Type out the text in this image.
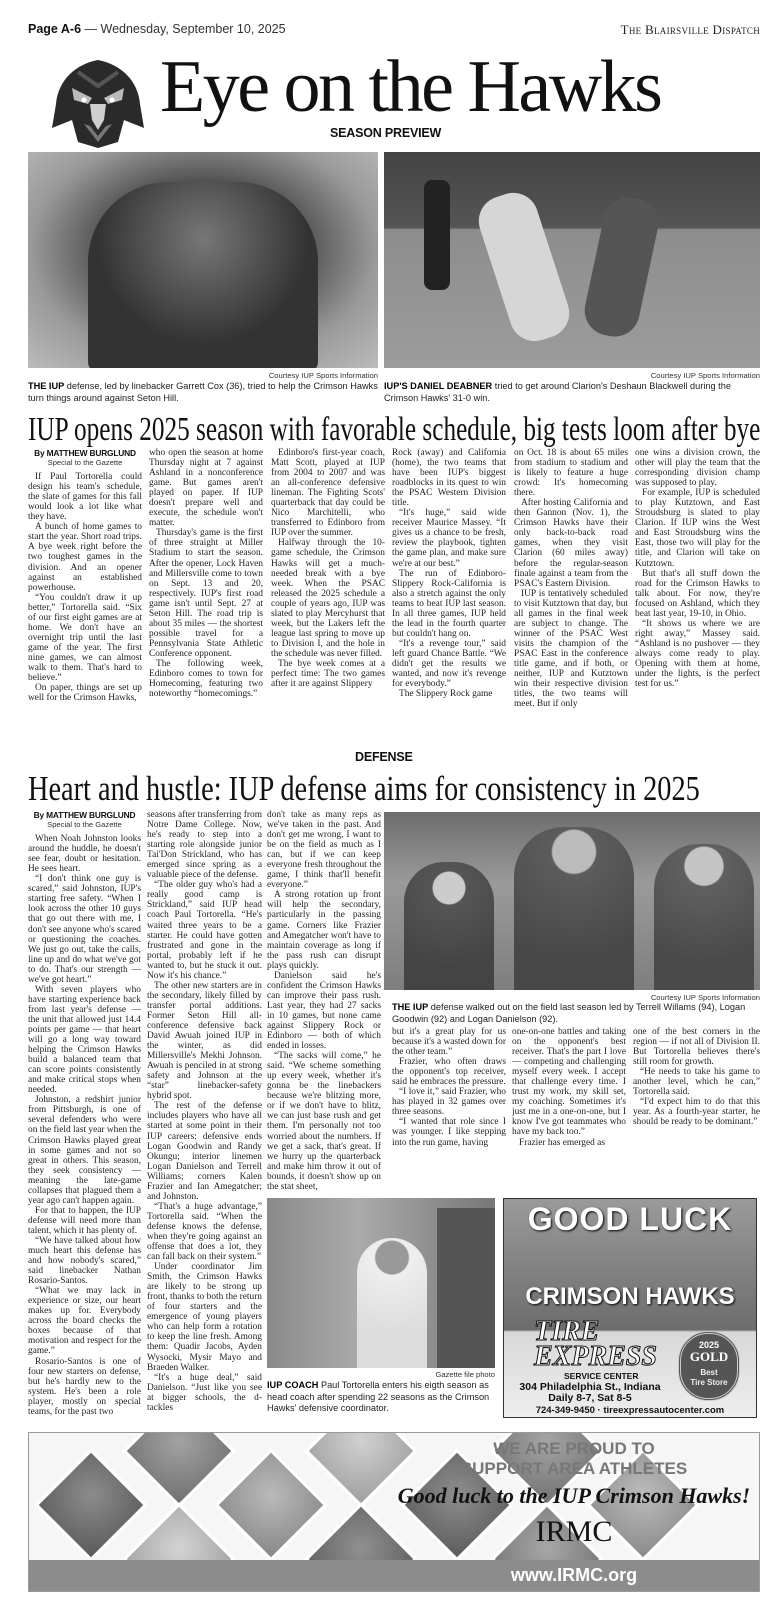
Page A-6 — Wednesday, September 10, 2025	The Blairsville Dispatch
Eye on the Hawks
SEASON PREVIEW
Courtesy IUP Sports Information
THE IUP defense, led by linebacker Garrett Cox (36), tried to help the Crimson Hawks turn things around against Seton Hill.
Courtesy IUP Sports Information
IUP'S DANIEL DEABNER tried to get around Clarion's Deshaun Blackwell during the Crimson Hawks' 31-0 win.
IUP opens 2025 season with favorable schedule, big tests loom after bye
By MATTHEW BURGLUND
Special to the Gazette

If Paul Tortorella could design his team's schedule, the slate of games for this fall would look a lot like what they have.

A bunch of home games to start the year. Short road trips. A bye week right before the two toughest games in the division. And an opener against an established powerhouse.

“You couldn't draw it up better,” Tortorella said. “Six of our first eight games are at home. We don't have an overnight trip until the last game of the year. The first nine games, we can almost walk to them. That's hard to believe.”

On paper, things are set up well for the Crimson Hawks,

who open the season at home Thursday night at 7 against Ashland in a nonconference game. But games aren't played on paper. If IUP doesn't prepare well and execute, the schedule won't matter.

Thursday's game is the first of three straight at Miller Stadium to start the season. After the opener, Lock Haven and Millersville come to town on Sept. 13 and 20, respectively. IUP's first road game isn't until Sept. 27 at Seton Hill. The road trip is about 35 miles — the shortest possible travel for a Pennsylvania State Athletic Conference opponent.

The following week, Edinboro comes to town for Homecoming, featuring two noteworthy “homecomings.”

Edinboro's first-year coach, Matt Scott, played at IUP from 2004 to 2007 and was an all-conference defensive lineman. The Fighting Scots' quarterback that day could be Nico Marchitelli, who transferred to Edinboro from IUP over the summer.

Halfway through the 10-game schedule, the Crimson Hawks will get a much-needed break with a bye week. When the PSAC released the 2025 schedule a couple of years ago, IUP was slated to play Mercyhurst that week, but the Lakers left the league last spring to move up to Division I, and the hole in the schedule was never filled.

The bye week comes at a perfect time: The two games after it are against Slippery

Rock (away) and California (home), the two teams that have been IUP's biggest roadblocks in its quest to win the PSAC Western Division title.

“It's huge,” said wide receiver Maurice Massey. “It gives us a chance to be fresh, review the playbook, tighten the game plan, and make sure we're at our best.”

The run of Edinboro-Slippery Rock-California is also a stretch against the only teams to beat IUP last season. In all three games, IUP held the lead in the fourth quarter but couldn't hang on.

“It's a revenge tour,” said left guard Chance Battle. “We didn't get the results we wanted, and now it's revenge for everybody.”

The Slippery Rock game

on Oct. 18 is about 65 miles from stadium to stadium and is likely to feature a huge crowd: It's homecoming there.

After hosting California and then Gannon (Nov. 1), the Crimson Hawks have their only back-to-back road games, when they visit Clarion (60 miles away) before the regular-season finale against a team from the PSAC's Eastern Division.

IUP is tentatively scheduled to visit Kutztown that day, but all games in the final week are subject to change. The winner of the PSAC West visits the champion of the PSAC East in the conference title game, and if both, or neither, IUP and Kutztown win their respective division titles, the two teams will meet. But if only

one wins a division crown, the other will play the team that the corresponding division champ was supposed to play.

For example, IUP is scheduled to play Kutztown, and East Stroudsburg is slated to play Clarion. If IUP wins the West and East Stroudsburg wins the East, those two will play for the title, and Clarion will take on Kutztown.

But that's all stuff down the road for the Crimson Hawks to talk about. For now, they're focused on Ashland, which they beat last year, 19-10, in Ohio.

“It shows us where we are right away,” Massey said. “Ashland is no pushover — they always come ready to play. Opening with them at home, under the lights, is the perfect test for us.”

DEFENSE
Heart and hustle: IUP defense aims for consistency in 2025
By MATTHEW BURGLUND
Special to the Gazette

When Noah Johnston looks around the huddle, he doesn't see fear, doubt or hesitation. He sees heart.

“I don't think one guy is scared,” said Johnston, IUP's starting free safety. “When I look across the other 10 guys that go out there with me, I don't see anyone who's scared or questioning the coaches. We just go out, take the calls, line up and do what we've got to do. That's our strength — we've got heart.”

With seven players who have starting experience back from last year's defense — the unit that allowed just 14.4 points per game — that heart will go a long way toward helping the Crimson Hawks build a balanced team that can score points consistently and make critical stops when needed.

Johnston, a redshirt junior from Pittsburgh, is one of several defenders who were on the field last year when the Crimson Hawks played great in some games and not so great in others. This season, they seek consistency — meaning the late-game collapses that plagued them a year ago can't happen again.

For that to happen, the IUP defense will need more than talent, which it has plenty of.

“We have talked about how much heart this defense has and how nobody's scared,” said linebacker Nathan Rosario-Santos.

“What we may lack in experience or size, our heart makes up for. Everybody across the board checks the boxes because of that motivation and respect for the game.”

Rosario-Santos is one of four new starters on defense, but he's hardly new to the system. He's been a role player, mostly on special teams, for the past two

seasons after transferring from Notre Dame College. Now, he's ready to step into a starting role alongside junior Tai'Don Strickland, who has emerged since spring as a valuable piece of the defense.

“The older guy who's had a really good camp is Strickland,” said IUP head coach Paul Tortorella. “He's waited three years to be a starter. He could have gotten frustrated and gone in the portal, probably left if he wanted to, but he stuck it out. Now it's his chance.”

The other new starters are in the secondary, likely filled by transfer portal additions. Former Seton Hill all-conference defensive back David Awuah joined IUP in the winter, as did Millersville's Mekhi Johnson. Awuah is penciled in at strong safety and Johnson at the “star” linebacker-safety hybrid spot.

The rest of the defense includes players who have all started at some point in their IUP careers: defensive ends Logan Goodwin and Randy Okungu; interior linemen Logan Danielson and Terrell Williams; corners Kalen Frazier and Ian Amegatcher; and Johnston.

“That's a huge advantage,” Tortorella said. “When the defense knows the defense, when they're going against an offense that does a lot, they can fall back on their system.”

Under coordinator Jim Smith, the Crimson Hawks are likely to be strong up front, thanks to both the return of four starters and the emergence of young players who can help form a rotation to keep the line fresh. Among them: Quadir Jacobs, Ayden Wysocki, Mysir Mayo and Braeden Walker.

“It's a huge deal,” said Danielson. “Just like you see at bigger schools, the d-tackles

don't take as many reps as we've taken in the past. And don't get me wrong, I want to be on the field as much as I can, but if we can keep everyone fresh throughout the game, I think that'll benefit everyone.”

A strong rotation up front will help the secondary, particularly in the passing game. Corners like Frazier and Amegatcher won't have to maintain coverage as long if the pass rush can disrupt plays quickly.

Danielson said he's confident the Crimson Hawks can improve their pass rush. Last year, they had 27 sacks in 10 games, but none came against Slippery Rock or Edinboro — both of which ended in losses.

“The sacks will come,” he said. “We scheme something up every week, whether it's gonna be the linebackers because we're blitzing more, or if we don't have to blitz, we can just base rush and get them. I'm personally not too worried about the numbers. If we get a sack, that's great. If we hurry up the quarterback and make him throw it out of bounds, it doesn't show up on the stat sheet,

Courtesy IUP Sports Information
THE IUP defense walked out on the field last season led by Terrell Willams (94), Logan Goodwin (92) and Logan Danielson (92).

but it's a great play for us because it's a wasted down for the other team.”

Frazier, who often draws the opponent's top receiver, said he embraces the pressure.

“I love it,” said Frazier, who has played in 32 games over three seasons.

“I wanted that role since I was younger. I like stepping into the run game, having

one-on-one battles and taking on the opponent's best receiver. That's the part I love — competing and challenging myself every week. I accept that challenge every time. I trust my work, my skill set, my coaching. Sometimes it's just me in a one-on-one, but I know I've got teammates who have my back too.”

Frazier has emerged as

one of the best corners in the region — if not all of Division II. But Tortorella believes there's still room for growth.

“He needs to take his game to another level, which he can,” Tortorella said.

“I'd expect him to do that this year. As a fourth-year starter, he should be ready to be dominant.”

Gazette file photo
IUP COACH Paul Tortorella enters his eigth season as head coach after spending 22 seasons as the Crimson Hawks' defensive coordinator.
GOOD LUCK
CRIMSON HAWKS
TIRE
EXPRESS
SERVICE CENTER
304 Philadelphia St., Indiana
Daily 8-7, Sat 8-5
724-349-9450 · tireexpressautocenter.com
2025
GOLD
Best
Tire Store
WE ARE PROUD TO
SUPPORT AREA ATHLETES
Good luck to the IUP Crimson Hawks!
IRMC
www.IRMC.org
